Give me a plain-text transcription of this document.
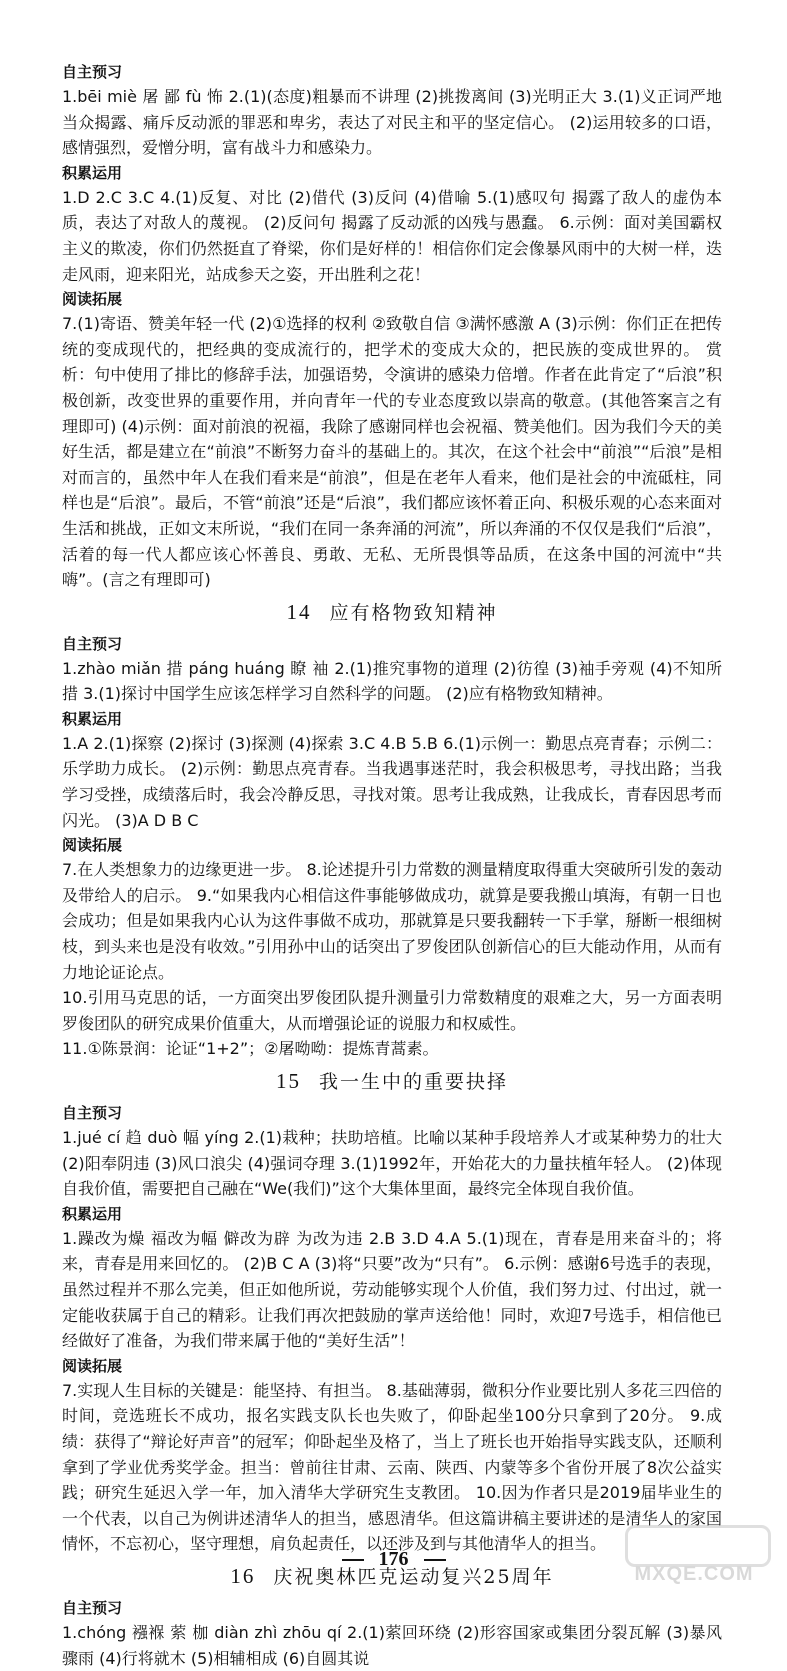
自主预习
1.bēi miè 屠 鄙 fù 怖 2.(1)(态度)粗暴而不讲理 (2)挑拨离间 (3)光明正大 3.(1)义正词严地当众揭露、痛斥反动派的罪恶和卑劣，表达了对民主和平的坚定信心。 (2)运用较多的口语，感情强烈，爱憎分明，富有战斗力和感染力。
积累运用
1.D 2.C 3.C 4.(1)反复、对比 (2)借代 (3)反问 (4)借喻 5.(1)感叹句 揭露了敌人的虚伪本质，表达了对敌人的蔑视。 (2)反问句 揭露了反动派的凶残与愚蠢。 6.示例：面对美国霸权主义的欺凌，你们仍然挺直了脊梁，你们是好样的！相信你们定会像暴风雨中的大树一样，迭走风雨，迎来阳光，站成参天之姿，开出胜利之花！
阅读拓展
7.(1)寄语、赞美年轻一代 (2)①选择的权利 ②致敬自信 ③满怀感激 A (3)示例：你们正在把传统的变成现代的，把经典的变成流行的，把学术的变成大众的，把民族的变成世界的。 赏析：句中使用了排比的修辞手法，加强语势，令演讲的感染力倍增。作者在此肯定了“后浪”积极创新，改变世界的重要作用，并向青年一代的专业态度致以崇高的敬意。(其他答案言之有理即可) (4)示例：面对前浪的祝福，我除了感谢同样也会祝福、赞美他们。因为我们今天的美好生活，都是建立在“前浪”不断努力奋斗的基础上的。其次，在这个社会中“前浪”“后浪”是相对而言的，虽然中年人在我们看来是“前浪”，但是在老年人看来，他们是社会的中流砥柱，同样也是“后浪”。最后，不管“前浪”还是“后浪”，我们都应该怀着正向、积极乐观的心态来面对生活和挑战，正如文末所说，“我们在同一条奔涌的河流”，所以奔涌的不仅仅是我们“后浪”，活着的每一代人都应该心怀善良、勇敢、无私、无所畏惧等品质，在这条中国的河流中“共嗨”。(言之有理即可)
14 应有格物致知精神
自主预习
1.zhào miǎn 措 páng huáng 瞭 袖 2.(1)推究事物的道理 (2)彷徨 (3)袖手旁观 (4)不知所措 3.(1)探讨中国学生应该怎样学习自然科学的问题。 (2)应有格物致知精神。
积累运用
1.A 2.(1)探察 (2)探讨 (3)探测 (4)探索 3.C 4.B 5.B 6.(1)示例一：勤思点亮青春；示例二：乐学助力成长。 (2)示例：勤思点亮青春。当我遇事迷茫时，我会积极思考，寻找出路；当我学习受挫，成绩落后时，我会冷静反思，寻找对策。思考让我成熟，让我成长，青春因思考而闪光。 (3)A D B C
阅读拓展
7.在人类想象力的边缘更进一步。 8.论述提升引力常数的测量精度取得重大突破所引发的轰动及带给人的启示。 9.“如果我内心相信这件事能够做成功，就算是要我搬山填海，有朝一日也会成功；但是如果我内心认为这件事做不成功，那就算是只要我翻转一下手掌，掰断一根细树枝，到头来也是没有收效。”引用孙中山的话突出了罗俊团队创新信心的巨大能动作用，从而有力地论证论点。
10.引用马克思的话，一方面突出罗俊团队提升测量引力常数精度的艰难之大，另一方面表明罗俊团队的研究成果价值重大，从而增强论证的说服力和权威性。
11.①陈景润：论证“1+2”；②屠呦呦：提炼青蒿素。
15 我一生中的重要抉择
自主预习
1.jué cí 趋 duò 幅 yíng 2.(1)栽种；扶助培植。比喻以某种手段培养人才或某种势力的壮大 (2)阳奉阴违 (3)风口浪尖 (4)强词夺理 3.(1)1992年，开始花大的力量扶植年轻人。 (2)体现自我价值，需要把自己融在“We(我们)”这个大集体里面，最终完全体现自我价值。
积累运用
1.躁改为燥 福改为幅 僻改为辟 为改为违 2.B 3.D 4.A 5.(1)现在，青春是用来奋斗的；将来，青春是用来回忆的。 (2)B C A (3)将“只要”改为“只有”。 6.示例：感谢6号选手的表现，虽然过程并不那么完美，但正如他所说，劳动能够实现个人价值，我们努力过、付出过，就一定能收获属于自己的精彩。让我们再次把鼓励的掌声送给他！同时，欢迎7号选手，相信他已经做好了准备，为我们带来属于他的“美好生活”！
阅读拓展
7.实现人生目标的关键是：能坚持、有担当。 8.基础薄弱，微积分作业要比别人多花三四倍的时间，竞选班长不成功，报名实践支队长也失败了，仰卧起坐100分只拿到了20分。 9.成绩：获得了“辩论好声音”的冠军；仰卧起坐及格了，当上了班长也开始指导实践支队，还顺利拿到了学业优秀奖学金。担当：曾前往甘肃、云南、陕西、内蒙等多个省份开展了8次公益实践；研究生延迟入学一年，加入清华大学研究生支教团。 10.因为作者只是2019届毕业生的一个代表，以自己为例讲述清华人的担当，感恩清华。但这篇讲稿主要讲述的是清华人的家国情怀，不忘初心，坚守理想，肩负起责任，以还涉及到与其他清华人的担当。
16 庆祝奥林匹克运动复兴25周年
自主预习
1.chóng 襁褓 萦 枷 diàn zhì zhōu qí 2.(1)萦回环绕 (2)形容国家或集团分裂瓦解 (3)暴风骤雨 (4)行将就木 (5)相辅相成 (6)自圆其说
176
MXQE.COM
